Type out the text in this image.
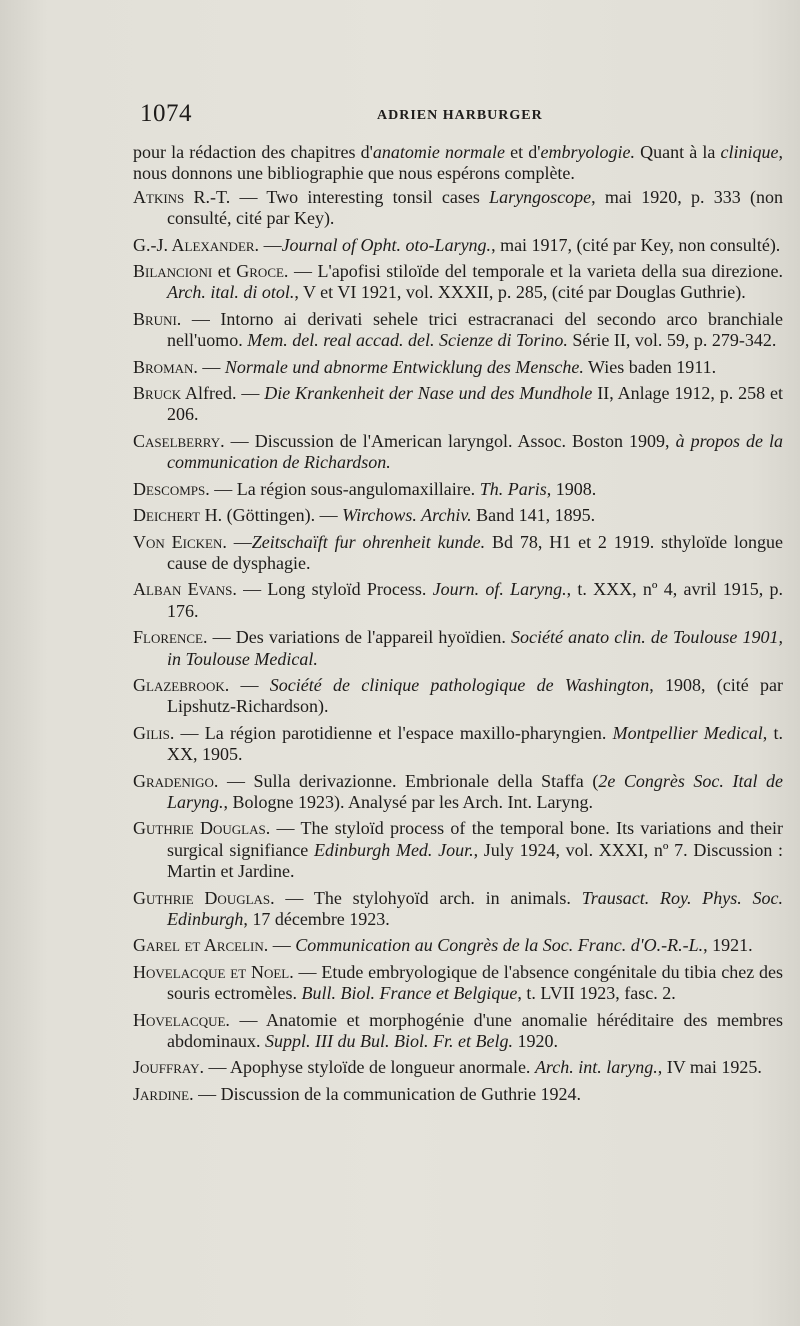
1074	ADRIEN HARBURGER

pour la rédaction des chapitres d'anatomie normale et d'embryologie. Quant à la clinique, nous donnons une bibliographie que nous espérons complète.

Atkins R.-T. — Two interesting tonsil cases Laryngoscope, mai 1920, p. 333 (non consulté, cité par Key).

G.-J. Alexander. —Journal of Opht. oto-Laryng., mai 1917, (cité par Key, non consulté).

Bilancioni et Groce. — L'apofisi stiloïde del temporale et la varieta della sua direzione. Arch. ital. di otol., V et VI 1921, vol. XXXII, p. 285, (cité par Douglas Guthrie).

Bruni. — Intorno ai derivati sehele trici estracranaci del secondo arco branchiale nell'uomo. Mem. del. real accad. del. Scienze di Torino. Série II, vol. 59, p. 279-342.

Broman. — Normale und abnorme Entwicklung des Mensche. Wies baden 1911.

Bruck Alfred. — Die Krankenheit der Nase und des Mundhole II, Anlage 1912, p. 258 et 206.

Caselberry. — Discussion de l'American laryngol. Assoc. Boston 1909, à propos de la communication de Richardson.

Descomps. — La région sous-angulomaxillaire. Th. Paris, 1908.

Deichert H. (Göttingen). — Wirchows. Archiv. Band 141, 1895.

Von Eicken. —Zeitschaïft fur ohrenheit kunde. Bd 78, H1 et 2 1919. sthyloïde longue cause de dysphagie.

Alban Evans. — Long styloïd Process. Journ. of. Laryng., t. XXX, nº 4, avril 1915, p. 176.

Florence. — Des variations de l'appareil hyoïdien. Société anato clin. de Toulouse 1901, in Toulouse Medical.

Glazebrook. — Société de clinique pathologique de Washington, 1908, (cité par Lipshutz-Richardson).

Gilis. — La région parotidienne et l'espace maxillo-pharyngien. Montpellier Medical, t. XX, 1905.

Gradenigo. — Sulla derivazionne. Embrionale della Staffa (2e Congrès Soc. Ital de Laryng., Bologne 1923). Analysé par les Arch. Int. Laryng.

Guthrie Douglas. — The styloïd process of the temporal bone. Its variations and their surgical signifiance Edinburgh Med. Jour., July 1924, vol. XXXI, nº 7. Discussion : Martin et Jardine.

Guthrie Douglas. — The stylohyoïd arch. in animals. Trausact. Roy. Phys. Soc. Edinburgh, 17 décembre 1923.

Garel et Arcelin. — Communication au Congrès de la Soc. Franc. d'O.-R.-L., 1921.

Hovelacque et Noel. — Etude embryologique de l'absence congénitale du tibia chez des souris ectromèles. Bull. Biol. France et Belgique, t. LVII 1923, fasc. 2.

Hovelacque. — Anatomie et morphogénie d'une anomalie héréditaire des membres abdominaux. Suppl. III du Bul. Biol. Fr. et Belg. 1920.

Jouffray. — Apophyse styloïde de longueur anormale. Arch. int. laryng., IV mai 1925.

Jardine. — Discussion de la communication de Guthrie 1924.
